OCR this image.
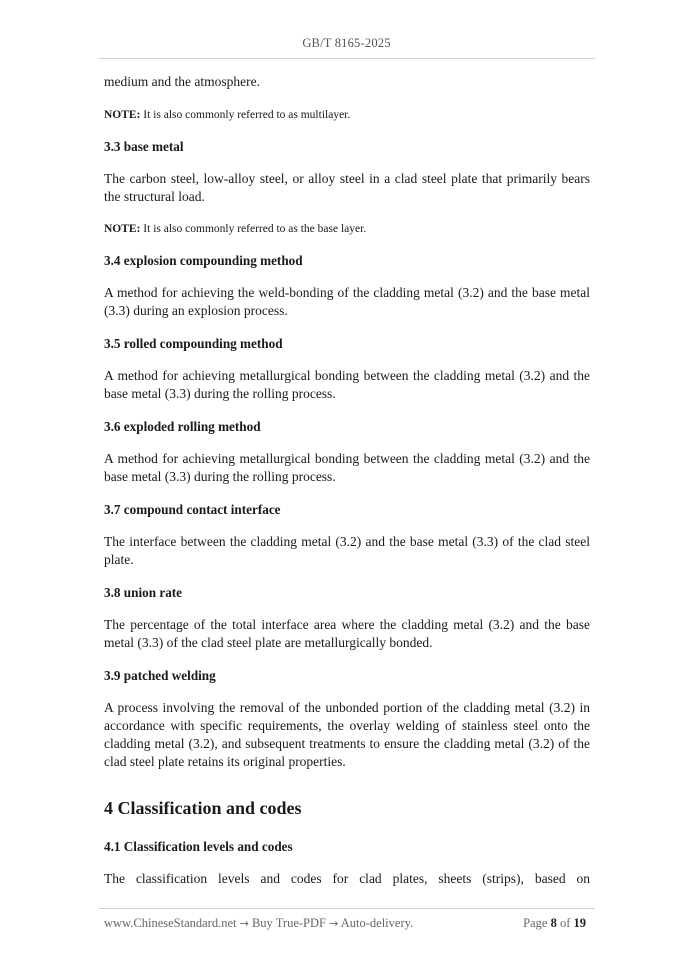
GB/T 8165-2025

medium and the atmosphere.

NOTE: It is also commonly referred to as multilayer.

3.3 base metal

The carbon steel, low-alloy steel, or alloy steel in a clad steel plate that primarily bears the structural load.

NOTE: It is also commonly referred to as the base layer.

3.4 explosion compounding method

A method for achieving the weld-bonding of the cladding metal (3.2) and the base metal (3.3) during an explosion process.

3.5 rolled compounding method

A method for achieving metallurgical bonding between the cladding metal (3.2) and the base metal (3.3) during the rolling process.

3.6 exploded rolling method

A method for achieving metallurgical bonding between the cladding metal (3.2) and the base metal (3.3) during the rolling process.

3.7 compound contact interface

The interface between the cladding metal (3.2) and the base metal (3.3) of the clad steel plate.

3.8 union rate

The percentage of the total interface area where the cladding metal (3.2) and the base metal (3.3) of the clad steel plate are metallurgically bonded.

3.9 patched welding

A process involving the removal of the unbonded portion of the cladding metal (3.2) in accordance with specific requirements, the overlay welding of stainless steel onto the cladding metal (3.2), and subsequent treatments to ensure the cladding metal (3.2) of the clad steel plate retains its original properties.

4 Classification and codes

4.1 Classification levels and codes

The classification levels and codes for clad plates, sheets (strips), based on

www.ChineseStandard.net → Buy True-PDF → Auto-delivery.	Page 8 of 19
